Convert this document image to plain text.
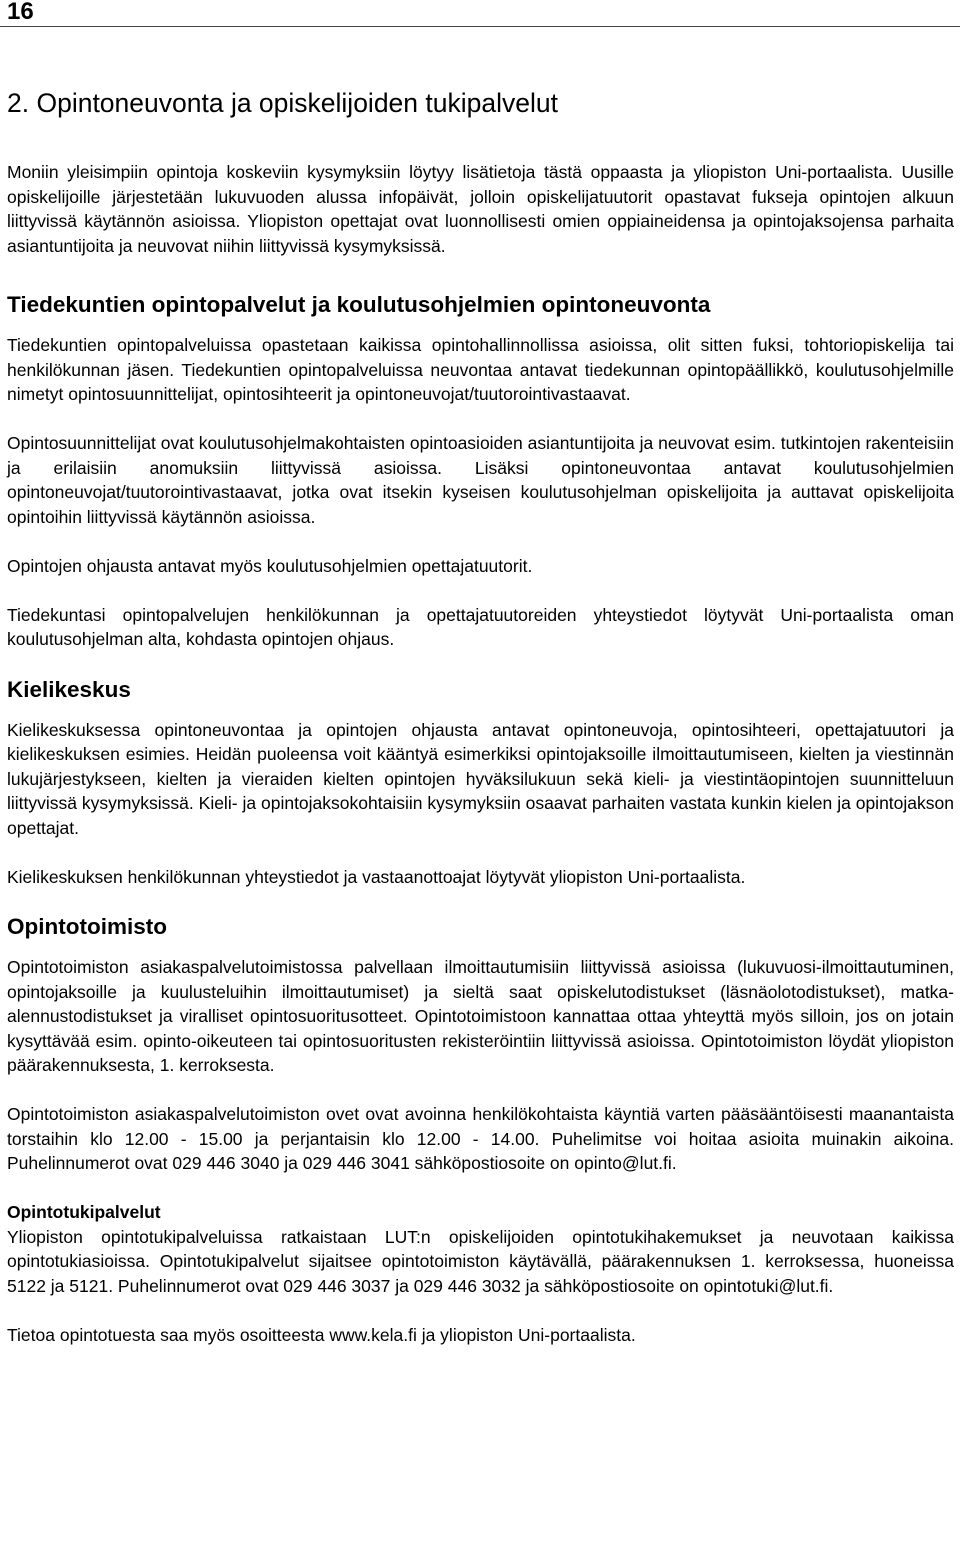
16
2. Opintoneuvonta ja opiskelijoiden tukipalvelut

Moniin yleisimpiin opintoja koskeviin kysymyksiin löytyy lisätietoja tästä oppaasta ja yliopiston Uni-portaalista. Uusille opiskelijoille järjestetään lukuvuoden alussa infopäivät, jolloin opiskelijatuutorit opastavat fukseja opintojen alkuun liittyvissä käytännön asioissa. Yliopiston opettajat ovat luonnollisesti omien oppiaineidensa ja opintojaksojensa parhaita asiantuntijoita ja neuvovat niihin liittyvissä kysymyksissä.

Tiedekuntien opintopalvelut ja koulutusohjelmien opintoneuvonta

Tiedekuntien opintopalveluissa opastetaan kaikissa opintohallinnollissa asioissa, olit sitten fuksi, tohtoriopiskelija tai henkilökunnan jäsen. Tiedekuntien opintopalveluissa neuvontaa antavat tiedekunnan opintopäällikkö, koulutusohjelmille nimetyt opintosuunnittelijat, opintosihteerit ja opintoneuvojat/tuutorointivastaavat.

Opintosuunnittelijat ovat koulutusohjelmakohtaisten opintoasioiden asiantuntijoita ja neuvovat esim. tutkintojen rakenteisiin ja erilaisiin anomuksiin liittyvissä asioissa. Lisäksi opintoneuvontaa antavat koulutusohjelmien opintoneuvojat/tuutorointivastaavat, jotka ovat itsekin kyseisen koulutusohjelman opiskelijoita ja auttavat opiskelijoita opintoihin liittyvissä käytännön asioissa.

Opintojen ohjausta antavat myös koulutusohjelmien opettajatuutorit.

Tiedekuntasi opintopalvelujen henkilökunnan ja opettajatuutoreiden yhteystiedot löytyvät Uni-portaalista oman koulutusohjelman alta, kohdasta opintojen ohjaus.

Kielikeskus

Kielikeskuksessa opintoneuvontaa ja opintojen ohjausta antavat opintoneuvoja, opintosihteeri, opettajatuutori ja kielikeskuksen esimies. Heidän puoleensa voit kääntyä esimerkiksi opintojaksoille ilmoittautumiseen, kielten ja viestinnän lukujärjestykseen, kielten ja vieraiden kielten opintojen hyväksilukuun sekä kieli- ja viestintäopintojen suunnitteluun liittyvissä kysymyksissä. Kieli- ja opintojaksokohtaisiin kysymyksiin osaavat parhaiten vastata kunkin kielen ja opintojakson opettajat.

Kielikeskuksen henkilökunnan yhteystiedot ja vastaanottoajat löytyvät yliopiston Uni-portaalista.

Opintotoimisto

Opintotoimiston asiakaspalvelutoimistossa palvellaan ilmoittautumisiin liittyvissä asioissa (lukuvuosi-ilmoittautuminen, opintojaksoille ja kuulusteluihin ilmoittautumiset) ja sieltä saat opiskelutodistukset (läsnäolotodistukset), matka-alennustodistukset ja viralliset opintosuoritusotteet. Opintotoimistoon kannattaa ottaa yhteyttä myös silloin, jos on jotain kysyttävää esim. opinto-oikeuteen tai opintosuoritusten rekisteröintiin liittyvissä asioissa. Opintotoimiston löydät yliopiston päärakennuksesta, 1. kerroksesta.

Opintotoimiston asiakaspalvelutoimiston ovet ovat avoinna henkilökohtaista käyntiä varten pääsääntöisesti maanantaista torstaihin klo 12.00 - 15.00 ja perjantaisin klo 12.00 - 14.00. Puhelimitse voi hoitaa asioita muinakin aikoina. Puhelinnumerot ovat 029 446 3040 ja 029 446 3041 sähköpostiosoite on opinto@lut.fi.

Opintotukipalvelut

Yliopiston opintotukipalveluissa ratkaistaan LUT:n opiskelijoiden opintotukihakemukset ja neuvotaan kaikissa opintotukiasioissa. Opintotukipalvelut sijaitsee opintotoimiston käytävällä, päärakennuksen 1. kerroksessa, huoneissa 5122 ja 5121. Puhelinnumerot ovat 029 446 3037 ja 029 446 3032 ja sähköpostiosoite on opintotuki@lut.fi.

Tietoa opintotuesta saa myös osoitteesta www.kela.fi ja yliopiston Uni-portaalista.
